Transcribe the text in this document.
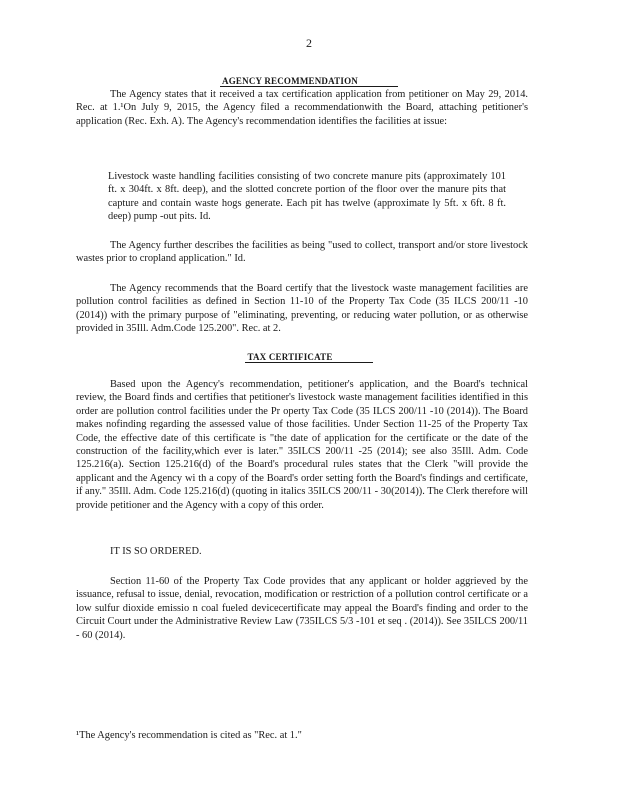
2
AGENCY RECOMMENDATION

The Agency states that it received a tax certification application from petitioner on May 29, 2014. Rec. at 1.¹On July 9, 2015, the Agency filed a recommendationwith the Board, attaching petitioner's application (Rec. Exh. A). The Agency's recommendation identifies the facilities at issue:

Livestock waste handling facilities consisting of two concrete manure pits (approximately 101 ft. x 304ft. x 8ft. deep), and the slotted concrete portion of the floor over the manure pits that capture and contain waste hogs generate. Each pit has twelve (approximate ly 5ft. x 6ft. 8 ft. deep) pump -out pits. Id.

The Agency further describes the facilities as being "used to collect, transport and/or store livestock wastes prior to cropland application." Id.

The Agency recommends that the Board certify that the livestock waste management facilities are pollution control facilities as defined in Section 11-10 of the Property Tax Code (35 ILCS 200/11 -10 (2014)) with the primary purpose of "eliminating, preventing, or reducing water pollution, or as otherwise provided in 35Ill. Adm.Code 125.200". Rec. at 2.

TAX CERTIFICATE

Based upon the Agency's recommendation, petitioner's application, and the Board's technical review, the Board finds and certifies that petitioner's livestock waste management facilities identified in this order are pollution control facilities under the Pr operty Tax Code (35 ILCS 200/11 -10 (2014)). The Board makes nofinding regarding the assessed value of those facilities. Under Section 11-25 of the Property Tax Code, the effective date of this certificate is "the date of application for the certificate or the date of the construction of the facility,which ever is later." 35ILCS 200/11 -25 (2014); see also 35Ill. Adm. Code 125.216(a). Section 125.216(d) of the Board's procedural rules states that the Clerk "will provide the applicant and the Agency wi th a copy of the Board's order setting forth the Board's findings and certificate, if any." 35Ill. Adm. Code 125.216(d) (quoting in italics 35ILCS 200/11 - 30(2014)). The Clerk therefore will provide petitioner and the Agency with a copy of this order.

IT IS SO ORDERED.

Section 11-60 of the Property Tax Code provides that any applicant or holder aggrieved by the issuance, refusal to issue, denial, revocation, modification or restriction of a pollution control certificate or a low sulfur dioxide emissio n coal fueled devicecertificate may appeal the Board's finding and order to the Circuit Court under the Administrative Review Law (735ILCS 5/3 -101 et seq . (2014)). See 35ILCS 200/11 - 60 (2014).

¹The Agency's recommendation is cited as "Rec. at 1."
